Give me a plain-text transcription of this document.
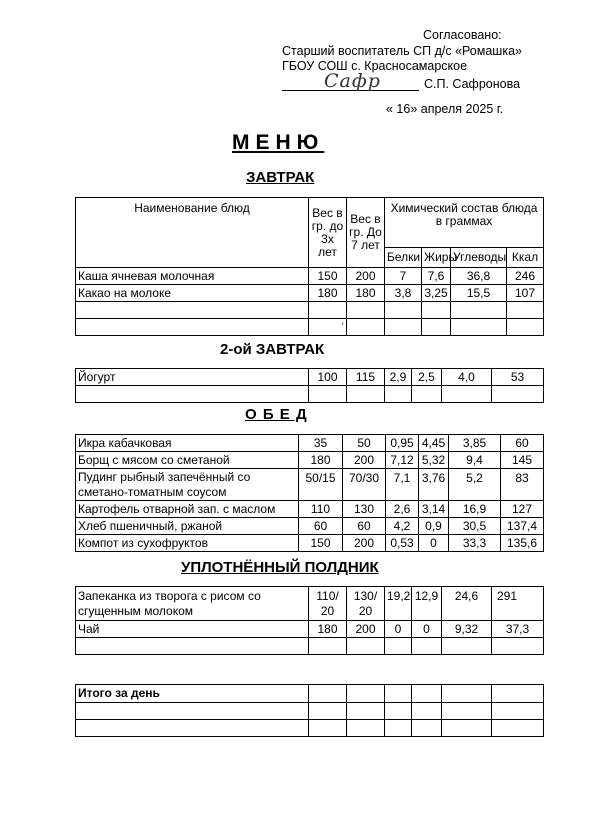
Согласовано:
Старший воспитатель СП д/с «Ромашка»
ГБОУ СОШ с. Красносамарское
Сафр	С.П. Сафронова
« 16» апреля 2025 г.
МЕНЮ
ЗАВТРАК
Наименование блюд	Вес в гр. до 3х лет	Вес в гр. До 7 лет	Химический состав блюда в граммах			
			Белки	Жиры	Углеводы	Ккал
Каша ячневая молочная	150	200	7	7,6	36,8	246
Какао на молоке	180	180	3,8	3,25	15,5	107

	ʼ					
2-ой ЗАВТРАК
Йогурт	100	115	2,9	2,5	4,0	53

О Б Е Д
Икра кабачковая	35	50	0,95	4,45	3,85	60
Борщ с мясом со сметаной	180	200	7,12	5,32	9,4	145
Пудинг рыбный запечённый со сметано-томатным соусом	50/15	70/30	7,1	3,76	5,2	83
Картофель отварной зап. с маслом	110	130	2,6	3,14	16,9	127
Хлеб пшеничный, ржаной	60	60	4,2	0,9	30,5	137,4
Компот из сухофруктов	150	200	0,53	0	33,3	135,6
УПЛОТНЁННЫЙ ПОЛДНИК
Запеканка из творога с рисом со сгущенным молоком	110/ 20	130/ 20	19,2	12,9	24,6	291
Чай	180	200	0	0	9,32	37,3

Итого за день						
